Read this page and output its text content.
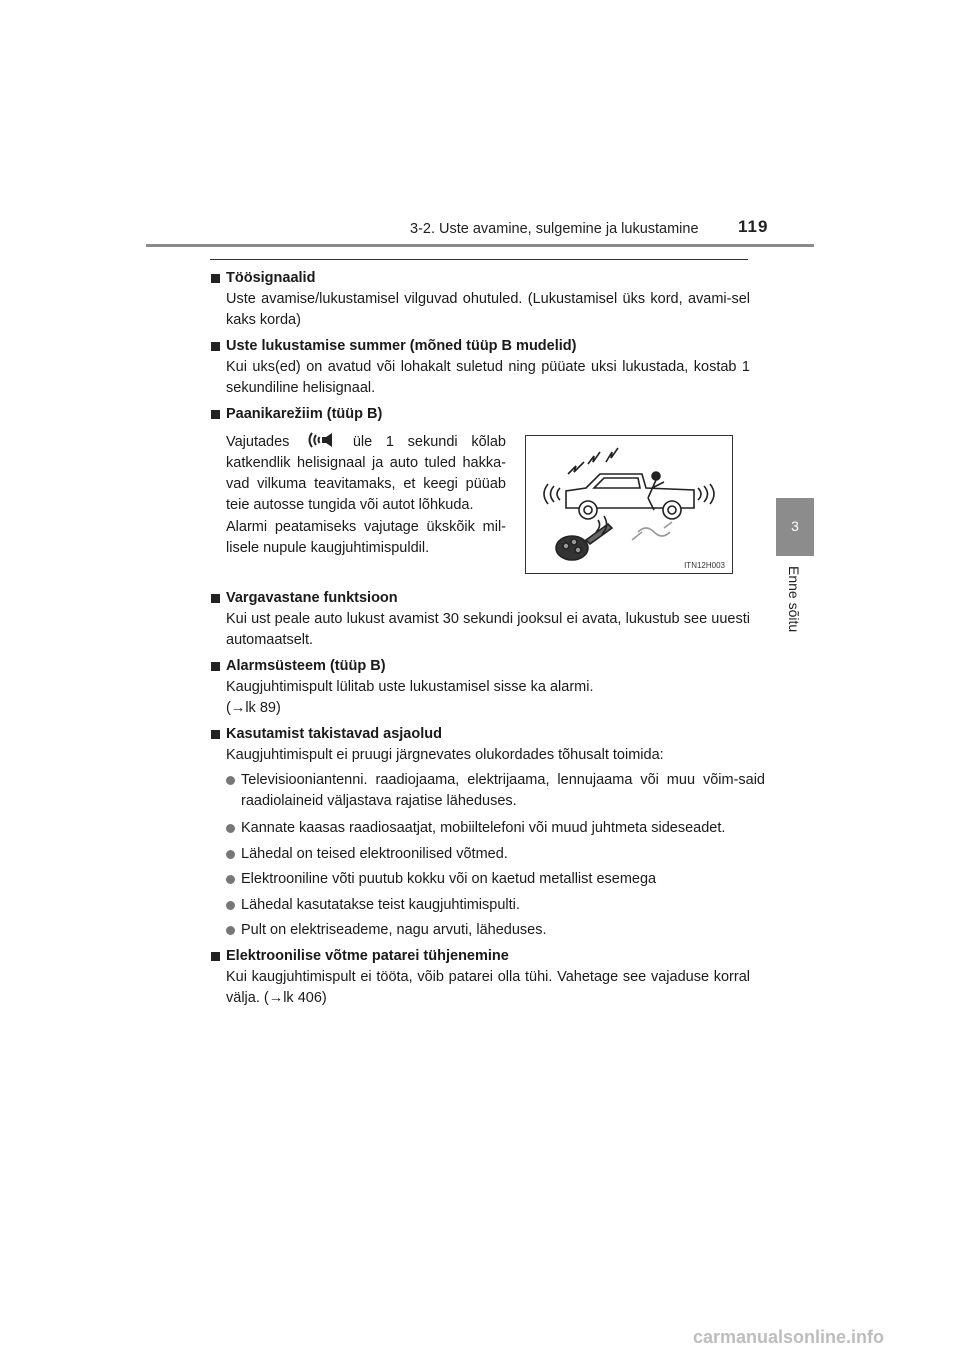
3-2. Uste avamine, sulgemine ja lukustamine 119
3
Enne sõitu
Töösignaalid
Uste avamise/lukustamisel vilguvad ohutuled. (Lukustamisel üks kord, avami-sel kaks korda)
Uste lukustamise summer (mõned tüüp B mudelid)
Kui uks(ed) on avatud või lohakalt suletud ning püüate uksi lukustada, kostab 1 sekundiline helisignaal.
Paanikarežiim (tüüp B)
Vajutades	üle 1 sekundi kõlab katkendlik helisignaal ja auto tuled hakka-vad vilkuma teavitamaks, et keegi püüab teie autosse tungida või autot lõhkuda.
Alarmi peatamiseks vajutage ükskõik mil-lisele nupule kaugjuhtimispuldil.
ITN12H003
Vargavastane funktsioon
Kui ust peale auto lukust avamist 30 sekundi jooksul ei avata, lukustub see uuesti automaatselt.
Alarmsüsteem (tüüp B)
Kaugjuhtimispult lülitab uste lukustamisel sisse ka alarmi.
(→lk 89)
Kasutamist takistavad asjaolud
Kaugjuhtimispult ei pruugi järgnevates olukordades tõhusalt toimida:
Televisiooniantenni. raadiojaama, elektrijaama, lennujaama või muu võim-said raadiolaineid väljastava rajatise läheduses.
Kannate kaasas raadiosaatjat, mobiiltelefoni või muud juhtmeta sideseadet.
Lähedal on teised elektroonilised võtmed.
Elektrooniline võti puutub kokku või on kaetud metallist esemega
Lähedal kasutatakse teist kaugjuhtimispulti.
Pult on elektriseademe, nagu arvuti, läheduses.
Elektroonilise võtme patarei tühjenemine
Kui kaugjuhtimispult ei tööta, võib patarei olla tühi. Vahetage see vajaduse korral välja. (→lk 406)
carmanualsonline.info
